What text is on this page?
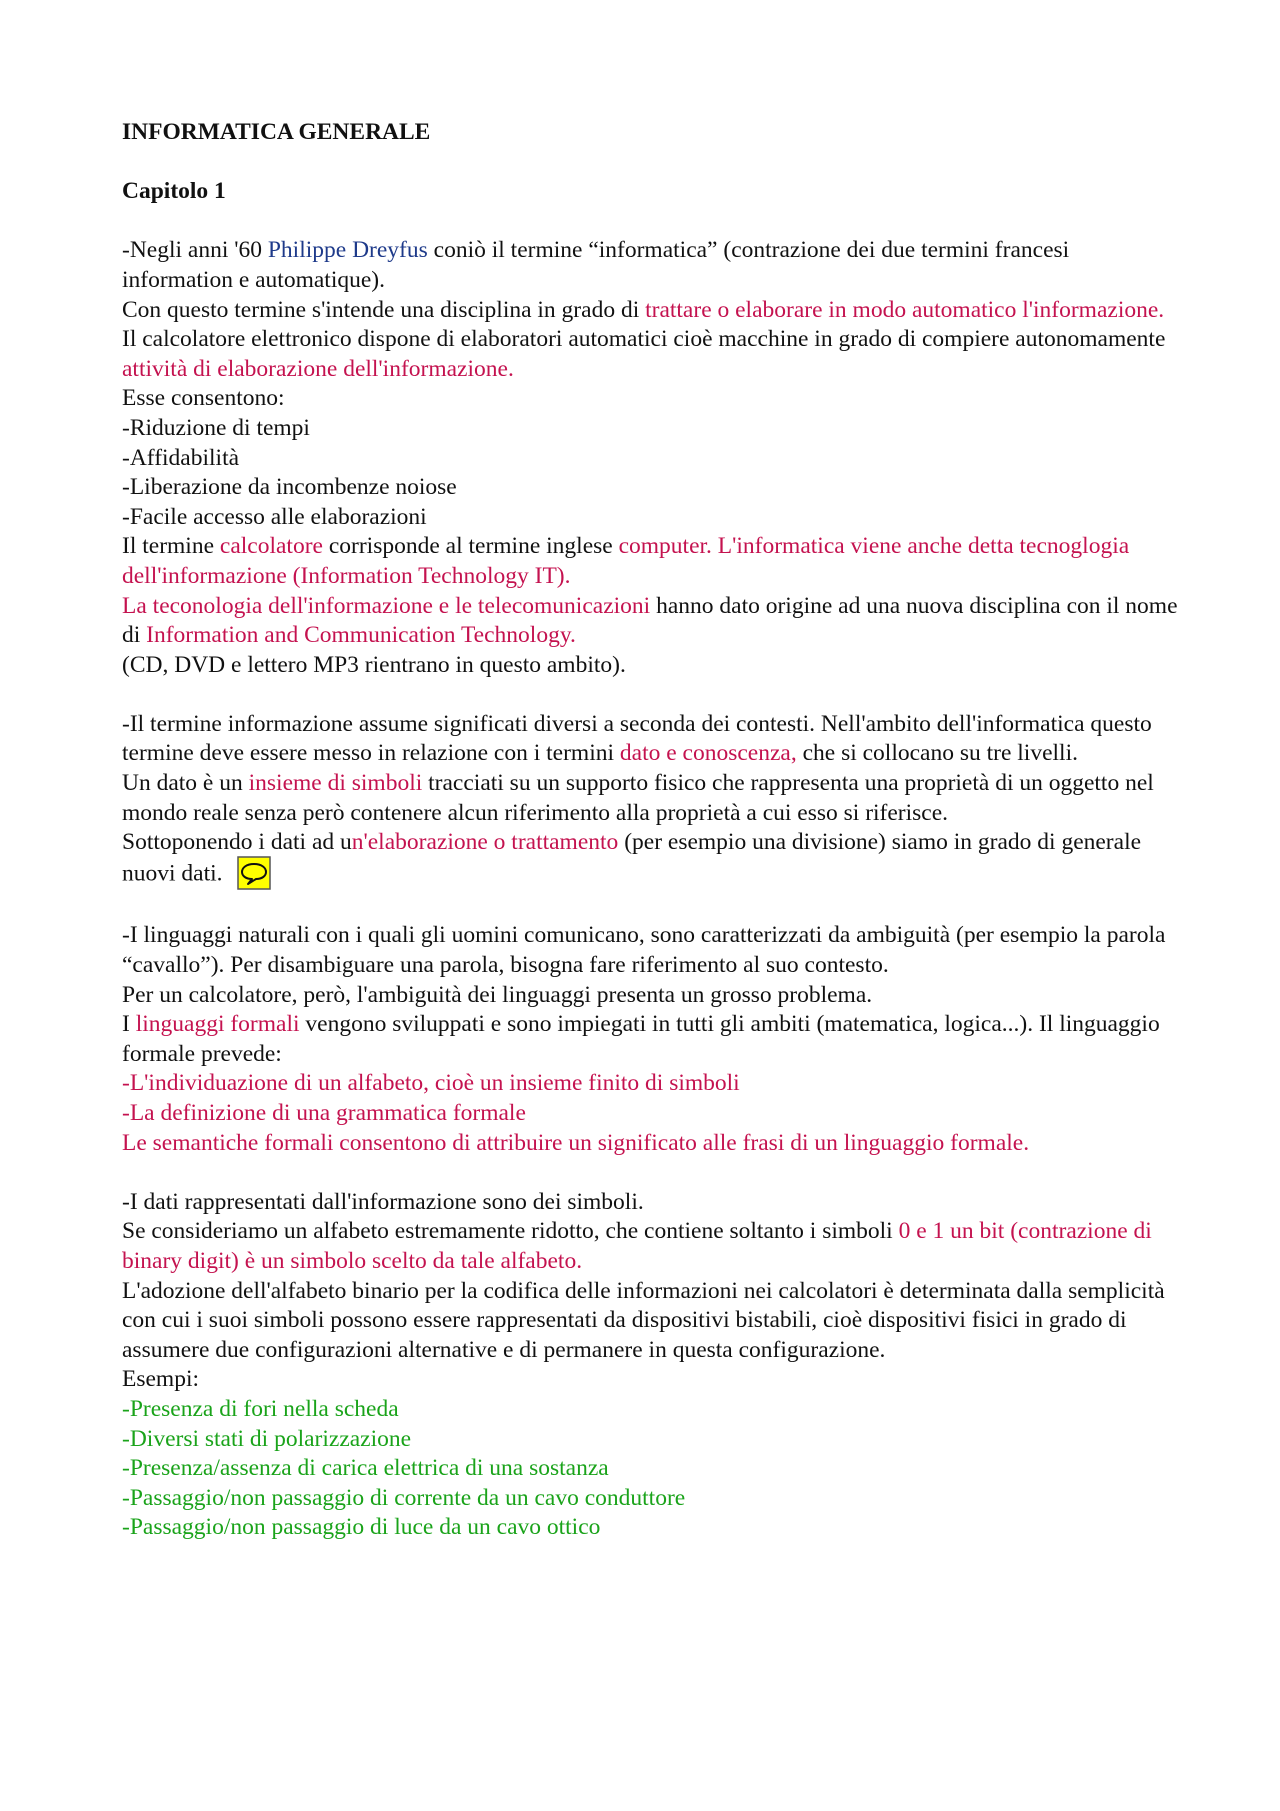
INFORMATICA GENERALE

Capitolo 1

-Negli anni '60 Philippe Dreyfus coniò il termine “informatica” (contrazione dei due termini francesi information e automatique).

Con questo termine s'intende una disciplina in grado di trattare o elaborare in modo automatico l'informazione.

Il calcolatore elettronico dispone di elaboratori automatici cioè macchine in grado di compiere autonomamente attività di elaborazione dell'informazione.

Esse consentono:

-Riduzione di tempi

-Affidabilità

-Liberazione da incombenze noiose

-Facile accesso alle elaborazioni

Il termine calcolatore corrisponde al termine inglese computer. L'informatica viene anche detta tecnoglogia dell'informazione (Information Technology IT).

La teconologia dell'informazione e le telecomunicazioni hanno dato origine ad una nuova disciplina con il nome di Information and Communication Technology.

(CD, DVD e lettero MP3 rientrano in questo ambito).

-Il termine informazione assume significati diversi a seconda dei contesti. Nell'ambito dell'informatica questo termine deve essere messo in relazione con i termini dato e conoscenza, che si collocano su tre livelli.

Un dato è un insieme di simboli tracciati su un supporto fisico che rappresenta una proprietà di un oggetto nel mondo reale senza però contenere alcun riferimento alla proprietà a cui esso si riferisce.

Sottoponendo i dati ad un'elaborazione o trattamento (per esempio una divisione) siamo in grado di generale nuovi dati.

-I linguaggi naturali con i quali gli uomini comunicano, sono caratterizzati da ambiguità (per esempio la parola “cavallo”). Per disambiguare una parola, bisogna fare riferimento al suo contesto.

Per un calcolatore, però, l'ambiguità dei linguaggi presenta un grosso problema.

I linguaggi formali vengono sviluppati e sono impiegati in tutti gli ambiti (matematica, logica...). Il linguaggio formale prevede:

-L'individuazione di un alfabeto, cioè un insieme finito di simboli

-La definizione di una grammatica formale

Le semantiche formali consentono di attribuire un significato alle frasi di un linguaggio formale.

-I dati rappresentati dall'informazione sono dei simboli.

Se consideriamo un alfabeto estremamente ridotto, che contiene soltanto i simboli 0 e 1 un bit (contrazione di binary digit) è un simbolo scelto da tale alfabeto.

L'adozione dell'alfabeto binario per la codifica delle informazioni nei calcolatori è determinata dalla semplicità con cui i suoi simboli possono essere rappresentati da dispositivi bistabili, cioè dispositivi fisici in grado di assumere due configurazioni alternative e di permanere in questa configurazione.

Esempi:

-Presenza di fori nella scheda

-Diversi stati di polarizzazione

-Presenza/assenza di carica elettrica di una sostanza

-Passaggio/non passaggio di corrente da un cavo conduttore

-Passaggio/non passaggio di luce da un cavo ottico
